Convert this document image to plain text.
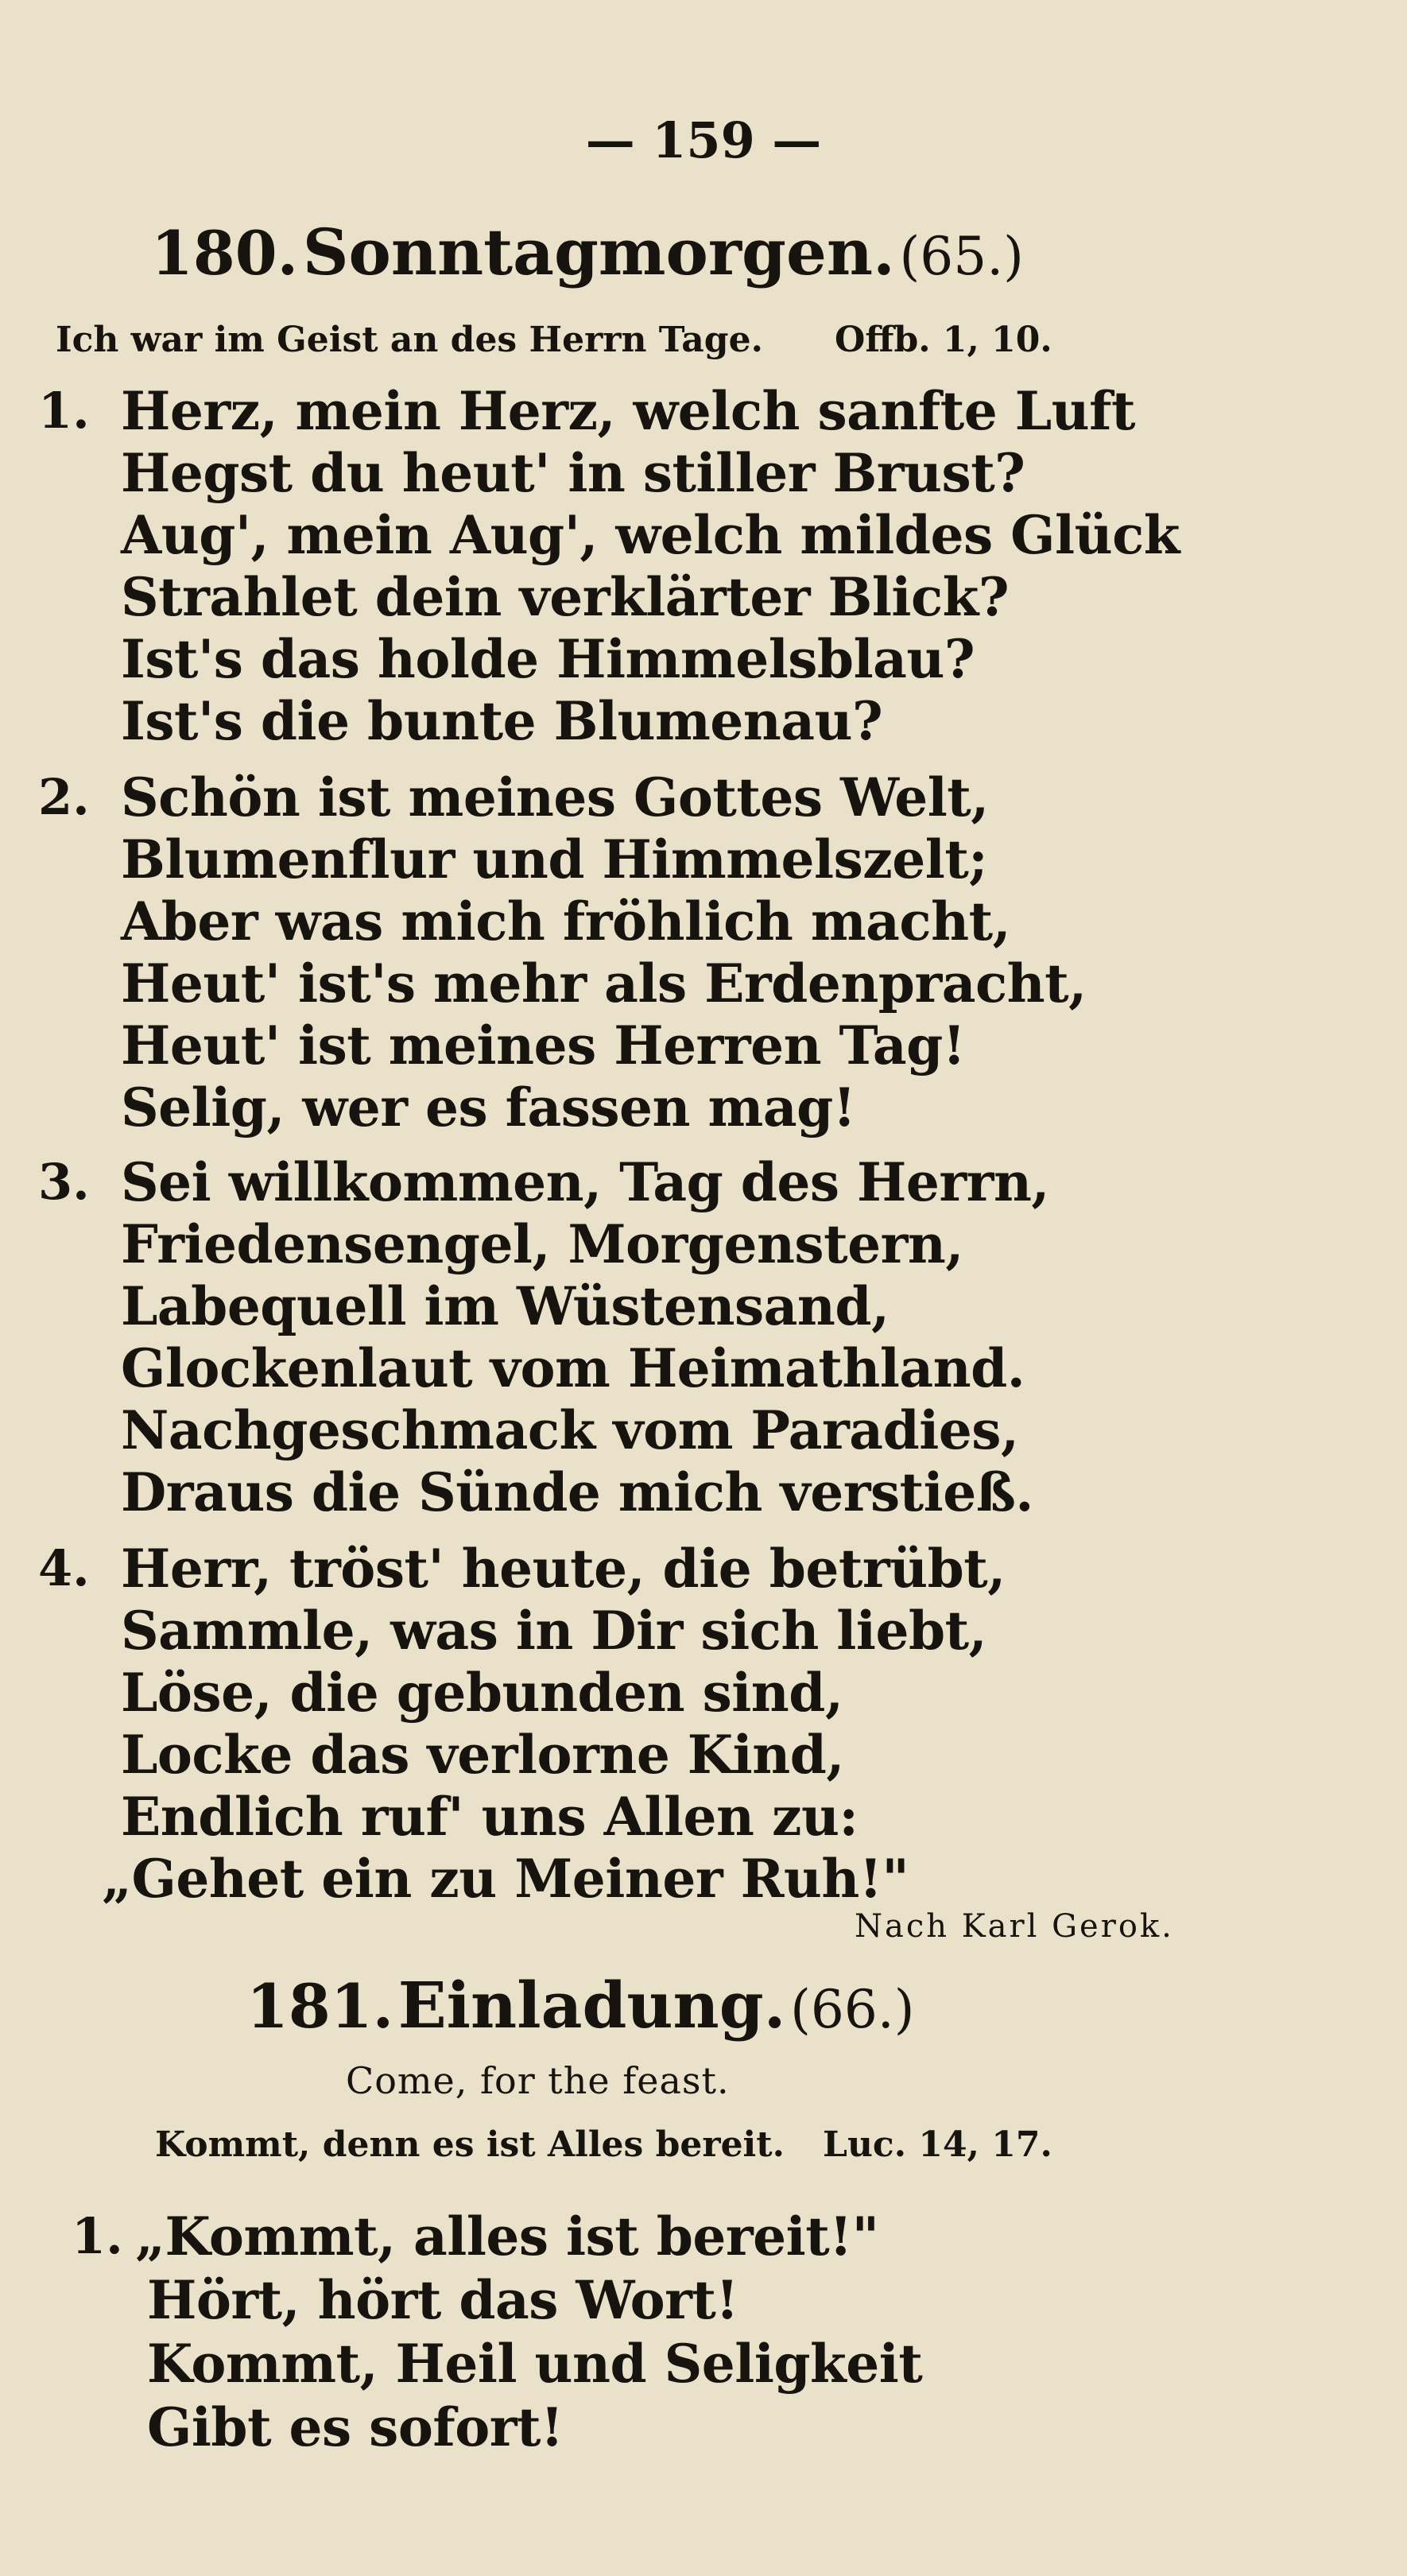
— 159 —
180. Sonntagmorgen. (65.)
Ich war im Geist an des Herrn Tage. Offb. 1, 10.
1. Herz, mein Herz, welch sanfte Luft
Hegst du heut' in stiller Brust?
Aug', mein Aug', welch mildes Glück
Strahlet dein verklärter Blick?
Ist's das holde Himmelsblau?
Ist's die bunte Blumenau?
2. Schön ist meines Gottes Welt,
Blumenflur und Himmelszelt;
Aber was mich fröhlich macht,
Heut' ist's mehr als Erdenpracht,
Heut' ist meines Herren Tag!
Selig, wer es fassen mag!
3. Sei willkommen, Tag des Herrn,
Friedensengel, Morgenstern,
Labequell im Wüstensand,
Glockenlaut vom Heimathland.
Nachgeschmack vom Paradies,
Draus die Sünde mich verstieß.
4. Herr, tröst' heute, die betrübt,
Sammle, was in Dir sich liebt,
Löse, die gebunden sind,
Locke das verlorne Kind,
Endlich ruf' uns Allen zu:
„Gehet ein zu Meiner Ruh!"
Nach Karl Gerok.
181. Einladung. (66.)
Come, for the feast.
Kommt, denn es ist Alles bereit. Luc. 14, 17.
1. „Kommt, alles ist bereit!"
Hört, hört das Wort!
Kommt, Heil und Seligkeit
Gibt es sofort!
